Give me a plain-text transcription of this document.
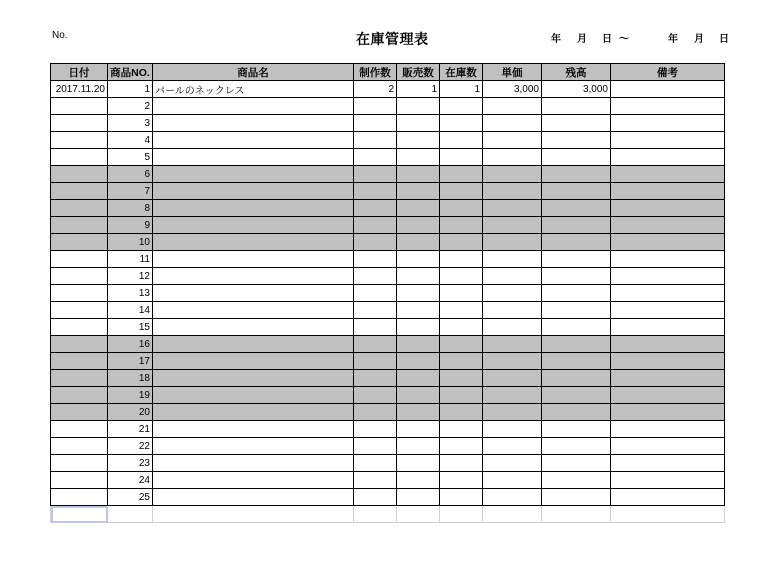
No.	在庫管理表	年 月 日 ～	年 月 日
日付	商品NO.	商品名	制作数	販売数	在庫数	単価	残高	備考
2017.11.20	1	パールのネックレス	2	1	1	3,000	3,000	
	2							
	3							
	4							
	5							
	6							
	7							
	8							
	9							
	10							
	11							
	12							
	13							
	14							
	15							
	16							
	17							
	18							
	19							
	20							
	21							
	22							
	23							
	24							
	25							
